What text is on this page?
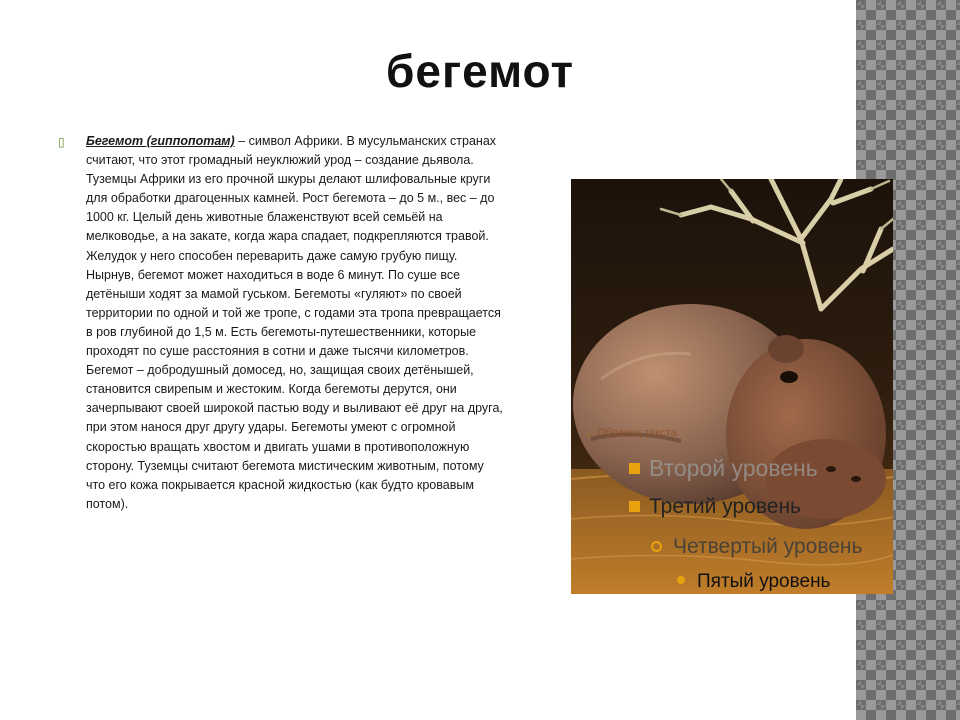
бегемот
▯	Бегемот (гиппопотам) – символ Африки. В мусульманских странах считают, что этот громадный неуклюжий урод – создание дьявола. Туземцы Африки из его прочной шкуры делают шлифовальные круги для обработки драгоценных камней. Рост бегемота – до 5 м., вес – до 1000 кг. Целый день животные блаженствуют всей семьёй на мелководье, а на закате, когда жара спадает, подкрепляются травой. Желудок у него способен переварить даже самую грубую пищу. Нырнув, бегемот может находиться в воде 6 минут. По суше все детёныши ходят за мамой гуськом. Бегемоты «гуляют» по своей территории по одной и той же тропе, с годами эта тропа превращается в ров глубиной до 1,5 м. Есть бегемоты-путешественники, которые проходят по суше расстояния в сотни и даже тысячи километров. Бегемот – добродушный домосед, но, защищая своих детёнышей, становится свирепым и жестоким. Когда бегемоты дерутся, они зачерпывают своей широкой пастью воду и выливают её друг на друга, при этом нанося друг другу удары. Бегемоты умеют с огромной скоростью вращать хвостом и двигать ушами в противоположную сторону. Туземцы считают бегемота мистическим животным, потому что его кожа покрывается красной жидкостью (как будто кровавым потом).

Образец текста
Второй уровень
Третий уровень
Четвертый уровень
Пятый уровень
